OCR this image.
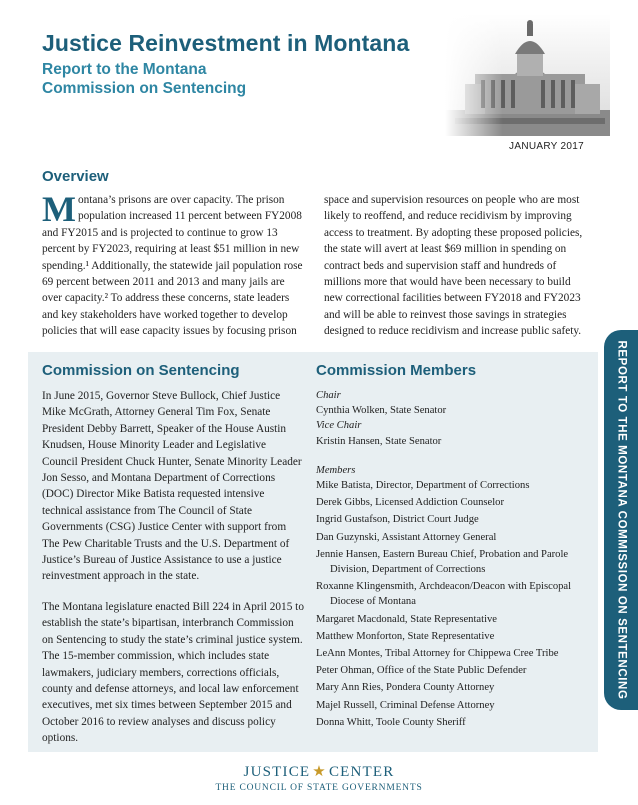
Justice Reinvestment in Montana
Report to the Montana Commission on Sentencing
JANUARY 2017
Overview
Montana’s prisons are over capacity. The prison population increased 11 percent between FY2008 and FY2015 and is projected to continue to grow 13 percent by FY2023, requiring at least $51 million in new spending.¹ Additionally, the statewide jail population rose 69 percent between 2011 and 2013 and many jails are over capacity.² To address these concerns, state leaders and key stakeholders have worked together to develop policies that will ease capacity issues by focusing prison
space and supervision resources on people who are most likely to reoffend, and reduce recidivism by improving access to treatment. By adopting these proposed policies, the state will avert at least $69 million in spending on contract beds and supervision staff and hundreds of millions more that would have been necessary to build new correctional facilities between FY2018 and FY2023 and will be able to reinvest those savings in strategies designed to reduce recidivism and increase public safety.
Commission on Sentencing

In June 2015, Governor Steve Bullock, Chief Justice Mike McGrath, Attorney General Tim Fox, Senate President Debby Barrett, Speaker of the House Austin Knudsen, House Minority Leader and Legislative Council President Chuck Hunter, Senate Minority Leader Jon Sesso, and Montana Department of Corrections (DOC) Director Mike Batista requested intensive technical assistance from The Council of State Governments (CSG) Justice Center with support from The Pew Charitable Trusts and the U.S. Department of Justice’s Bureau of Justice Assistance to use a justice reinvestment approach in the state.

The Montana legislature enacted Bill 224 in April 2015 to establish the state’s bipartisan, interbranch Commission on Sentencing to study the state’s criminal justice system. The 15-member commission, which includes state lawmakers, judiciary members, corrections officials, county and defense attorneys, and local law enforcement executives, met six times between September 2015 and October 2016 to review analyses and discuss policy options.

Commission Members
Chair
Cynthia Wolken, State Senator
Vice Chair
Kristin Hansen, State Senator
Members
Mike Batista, Director, Department of Corrections
Derek Gibbs, Licensed Addiction Counselor
Ingrid Gustafson, District Court Judge
Dan Guzynski, Assistant Attorney General
Jennie Hansen, Eastern Bureau Chief, Probation and Parole
Division, Department of Corrections
Roxanne Klingensmith, Archdeacon/Deacon with Episcopal
Diocese of Montana
Margaret Macdonald, State Representative
Matthew Monforton, State Representative
LeAnn Montes, Tribal Attorney for Chippewa Cree Tribe
Peter Ohman, Office of the State Public Defender
Mary Ann Ries, Pondera County Attorney
Majel Russell, Criminal Defense Attorney
Donna Whitt, Toole County Sheriff
REPORT TO THE MONTANA COMMISSION ON SENTENCING
JUSTICE ★ CENTER
THE COUNCIL OF STATE GOVERNMENTS
